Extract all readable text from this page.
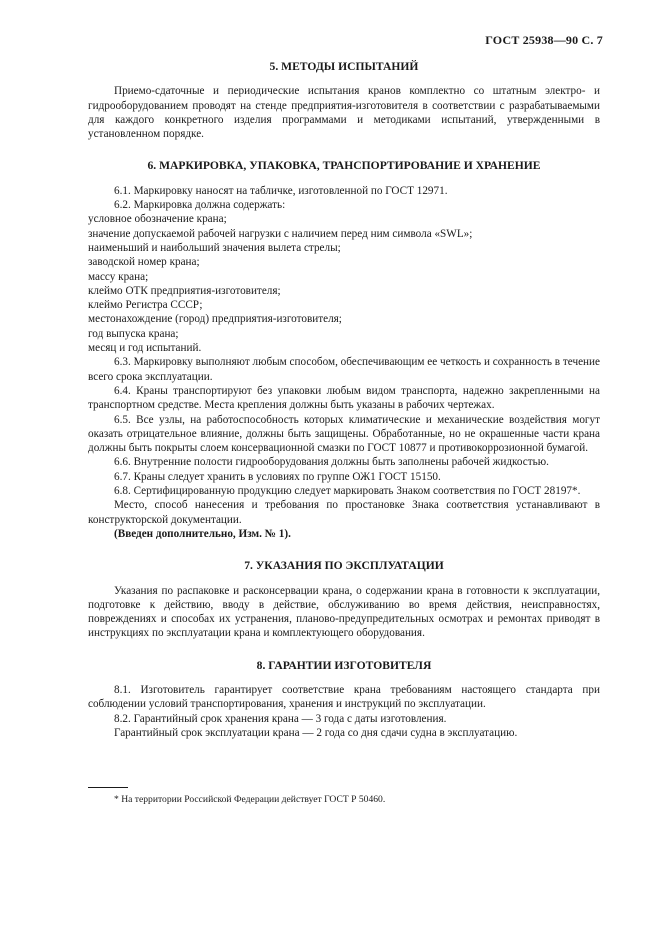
ГОСТ 25938—90 С. 7

5. МЕТОДЫ ИСПЫТАНИЙ

Приемо-сдаточные и периодические испытания кранов комплектно со штатным электро- и гидрооборудованием проводят на стенде предприятия-изготовителя в соответствии с разрабатываемыми для каждого конкретного изделия программами и методиками испытаний, утвержденными в установленном порядке.

6. МАРКИРОВКА, УПАКОВКА, ТРАНСПОРТИРОВАНИЕ И ХРАНЕНИЕ

6.1. Маркировку наносят на табличке, изготовленной по ГОСТ 12971.

6.2. Маркировка должна содержать:

условное обозначение крана;

значение допускаемой рабочей нагрузки с наличием перед ним символа «SWL»;

наименьший и наибольший значения вылета стрелы;

заводской номер крана;

массу крана;

клеймо ОТК предприятия-изготовителя;

клеймо Регистра СССР;

местонахождение (город) предприятия-изготовителя;

год выпуска крана;

месяц и год испытаний.

6.3. Маркировку выполняют любым способом, обеспечивающим ее четкость и сохранность в течение всего срока эксплуатации.

6.4. Краны транспортируют без упаковки любым видом транспорта, надежно закрепленными на транспортном средстве. Места крепления должны быть указаны в рабочих чертежах.

6.5. Все узлы, на работоспособность которых климатические и механические воздействия могут оказать отрицательное влияние, должны быть защищены. Обработанные, но не окрашенные части крана должны быть покрыты слоем консервационной смазки по ГОСТ 10877 и противокоррозионной бумагой.

6.6. Внутренние полости гидрооборудования должны быть заполнены рабочей жидкостью.

6.7. Краны следует хранить в условиях по группе ОЖ1 ГОСТ 15150.

6.8. Сертифицированную продукцию следует маркировать Знаком соответствия по ГОСТ 28197*.

Место, способ нанесения и требования по простановке Знака соответствия устанавливают в конструкторской документации.

(Введен дополнительно, Изм. № 1).

7. УКАЗАНИЯ ПО ЭКСПЛУАТАЦИИ

Указания по распаковке и расконсервации крана, о содержании крана в готовности к эксплуатации, подготовке к действию, вводу в действие, обслуживанию во время действия, неисправностях, повреждениях и способах их устранения, планово-предупредительных осмотрах и ремонтах приводят в инструкциях по эксплуатации крана и комплектующего оборудования.

8. ГАРАНТИИ ИЗГОТОВИТЕЛЯ

8.1. Изготовитель гарантирует соответствие крана требованиям настоящего стандарта при соблюдении условий транспортирования, хранения и инструкций по эксплуатации.

8.2. Гарантийный срок хранения крана — 3 года с даты изготовления.

Гарантийный срок эксплуатации крана — 2 года со дня сдачи судна в эксплуатацию.

* На территории Российской Федерации действует ГОСТ Р 50460.
